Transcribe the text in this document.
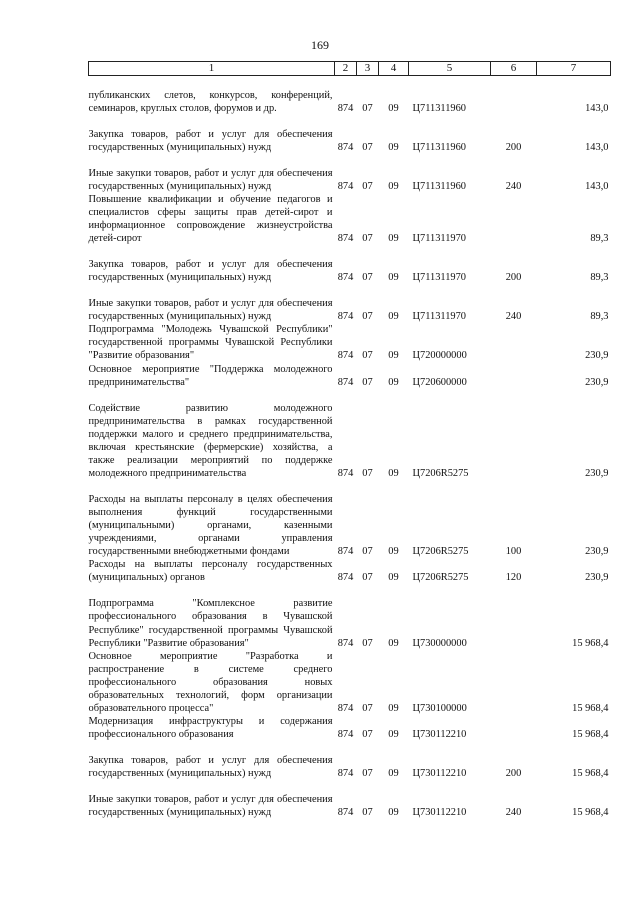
169
1	2	3	4	5	6	7
публиканских слетов, конкурсов, конференций, семинаров, круглых столов, форумов и др.	874	07	09	Ц711311960		143,0
Закупка товаров, работ и услуг для обеспечения государственных (муниципальных) нужд	874	07	09	Ц711311960	200	143,0
Иные закупки товаров, работ и услуг для обеспечения государственных (муниципальных) нужд	874	07	09	Ц711311960	240	143,0
Повышение квалификации и обучение педагогов и специалистов сферы защиты прав детей-сирот и информационное сопровождение жизнеустройства детей-сирот	874	07	09	Ц711311970		89,3
Закупка товаров, работ и услуг для обеспечения государственных (муниципальных) нужд	874	07	09	Ц711311970	200	89,3
Иные закупки товаров, работ и услуг для обеспечения государственных (муниципальных) нужд	874	07	09	Ц711311970	240	89,3
Подпрограмма "Молодежь Чувашской Республики" государственной программы Чувашской Республики "Развитие образования"	874	07	09	Ц720000000		230,9
Основное мероприятие "Поддержка молодежного предпринимательства"	874	07	09	Ц720600000		230,9
Содействие развитию молодежного предпринимательства в рамках государственной поддержки малого и среднего предпринимательства, включая крестьянские (фермерские) хозяйства, а также реализации мероприятий по поддержке молодежного предпринимательства	874	07	09	Ц7206R5275		230,9
Расходы на выплаты персоналу в целях обеспечения выполнения функций государственными (муниципальными) органами, казенными учреждениями, органами управления государственными внебюджетными фондами	874	07	09	Ц7206R5275	100	230,9
Расходы на выплаты персоналу государственных (муниципальных) органов	874	07	09	Ц7206R5275	120	230,9
Подпрограмма "Комплексное развитие профессионального образования в Чувашской Республике" государственной программы Чувашской Республики "Развитие образования"	874	07	09	Ц730000000		15 968,4
Основное мероприятие "Разработка и распространение в системе среднего профессионального образования новых образовательных технологий, форм организации образовательного процесса"	874	07	09	Ц730100000		15 968,4
Модернизация инфраструктуры и содержания профессионального образования	874	07	09	Ц730112210		15 968,4
Закупка товаров, работ и услуг для обеспечения государственных (муниципальных) нужд	874	07	09	Ц730112210	200	15 968,4
Иные закупки товаров, работ и услуг для обеспечения государственных (муниципальных) нужд	874	07	09	Ц730112210	240	15 968,4
